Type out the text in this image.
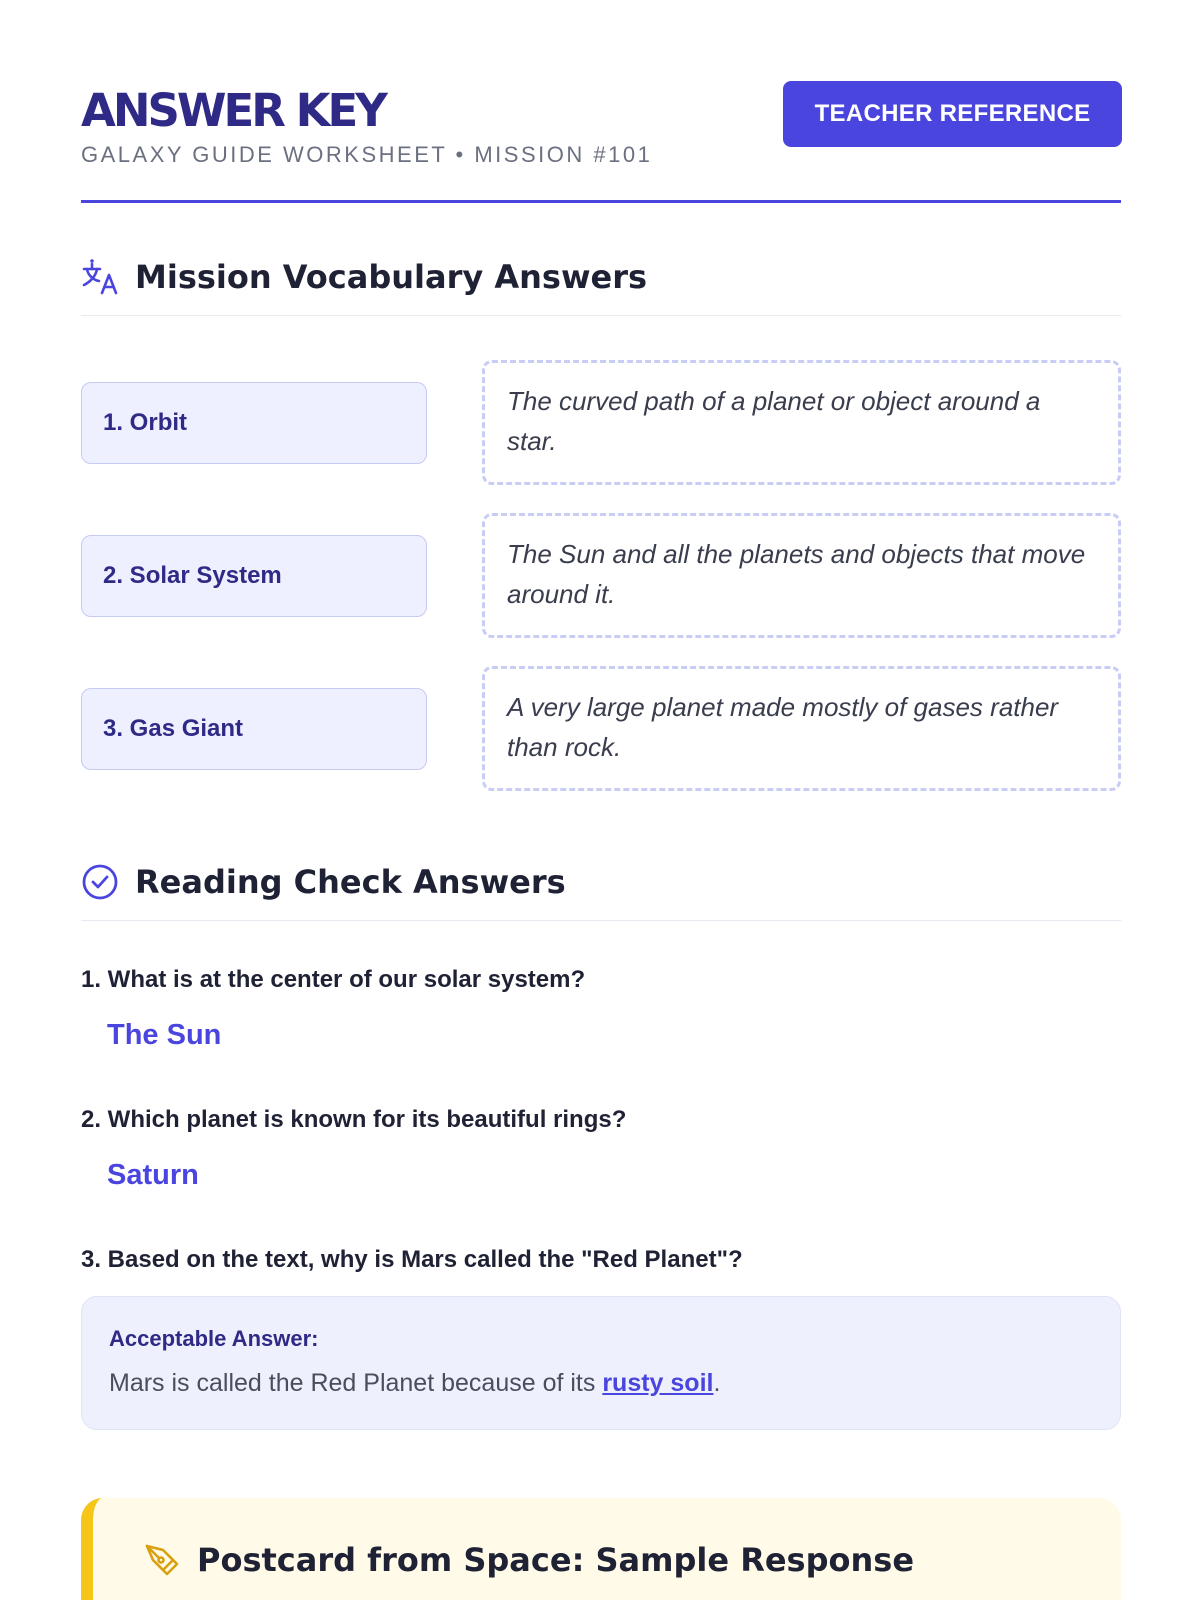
ANSWER KEY
GALAXY GUIDE WORKSHEET • MISSION #101
TEACHER REFERENCE
Mission Vocabulary Answers
1. Orbit
The curved path of a planet or object around a star.
2. Solar System
The Sun and all the planets and objects that move around it.
3. Gas Giant
A very large planet made mostly of gases rather than rock.
Reading Check Answers
1. What is at the center of our solar system?
The Sun
2. Which planet is known for its beautiful rings?
Saturn
3. Based on the text, why is Mars called the "Red Planet"?
Acceptable Answer:
Mars is called the Red Planet because of its rusty soil.
Postcard from Space: Sample Response
